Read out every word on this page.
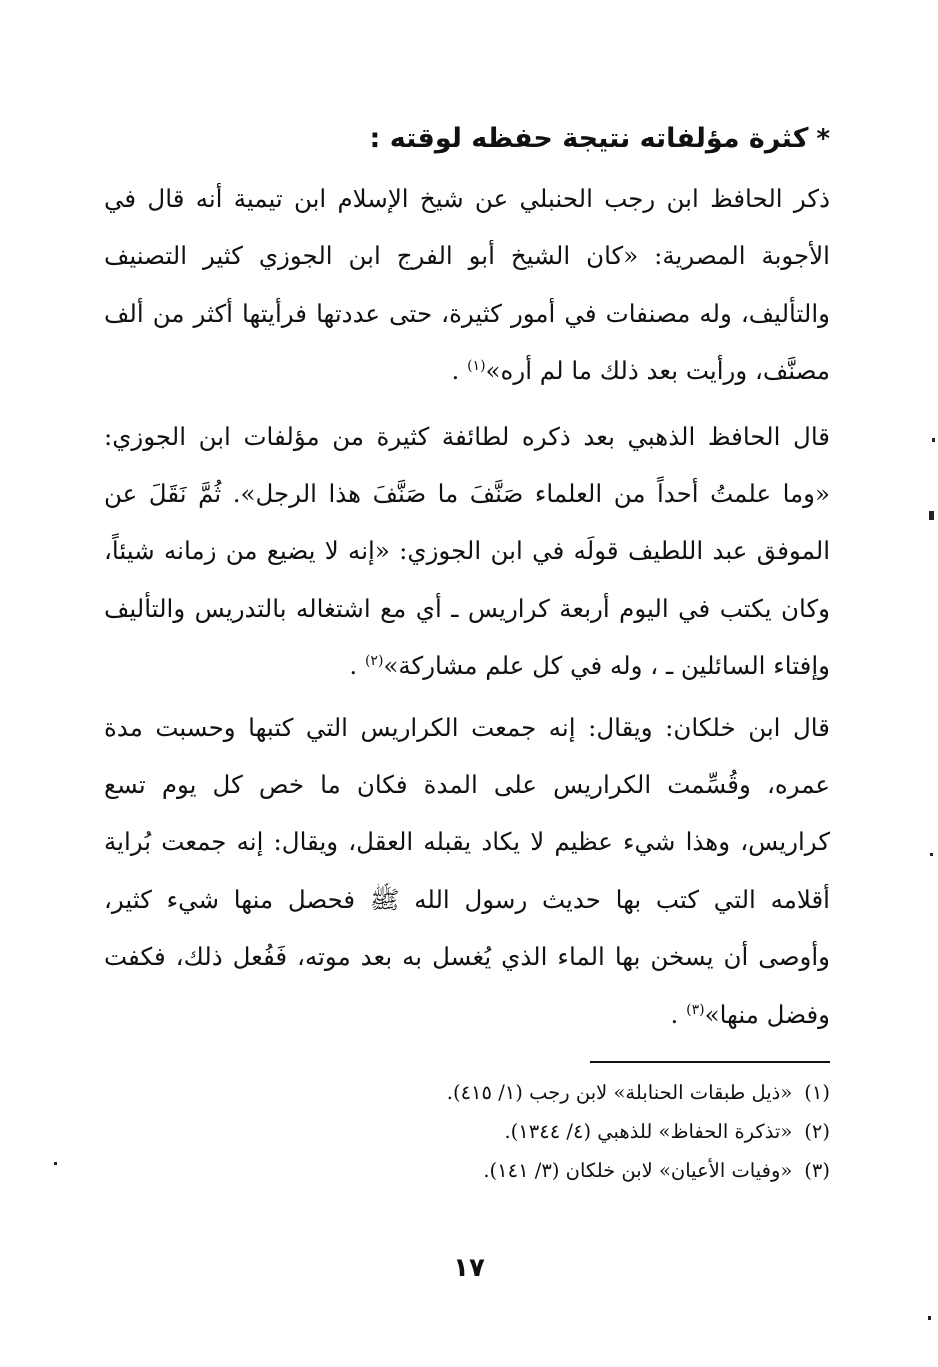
*كثرة مؤلفاته نتيجة حفظه لوقته :

ذكر الحافظ ابن رجب الحنبلي عن شيخ الإسلام ابن تيمية أنه قال في الأجوبة المصرية: «كان الشيخ أبو الفرج ابن الجوزي كثير التصنيف والتأليف، وله مصنفات في أمور كثيرة، حتى عددتها فرأيتها أكثر من ألف مصنَّف، ورأيت بعد ذلك ما لم أره»$^{(١)}$ .

قال الحافظ الذهبي بعد ذكره لطائفة كثيرة من مؤلفات ابن الجوزي: «وما علمتُ أحداً من العلماء صَنَّفَ ما صَنَّفَ هذا الرجل». ثُمَّ نَقَلَ عن الموفق عبد اللطيف قولَه في ابن الجوزي: «إنه لا يضيع من زمانه شيئاً، وكان يكتب في اليوم أربعة كراريس ـ أي مع اشتغاله بالتدريس والتأليف وإفتاء السائلين ـ ، وله في كل علم مشاركة»$^{(٢)}$ .

قال ابن خلكان: ويقال: إنه جمعت الكراريس التي كتبها وحسبت مدة عمره، وقُسِّمت الكراريس على المدة فكان ما خص كل يوم تسع كراريس، وهذا شيء عظيم لا يكاد يقبله العقل، ويقال: إنه جمعت بُراية أقلامه التي كتب بها حديث رسول الله ﷺ فحصل منها شيء كثير، وأوصى أن يسخن بها الماء الذي يُغسل به بعد موته، فَفُعل ذلك، فكفت وفضل منها»$^{(٣)}$ .

(١)«ذيل طبقات الحنابلة» لابن رجب (١/ ٤١٥).

(٢)«تذكرة الحفاظ» للذهبي (٤/ ١٣٤٤).

(٣)«وفيات الأعيان» لابن خلكان (٣/ ١٤١).

١٧
